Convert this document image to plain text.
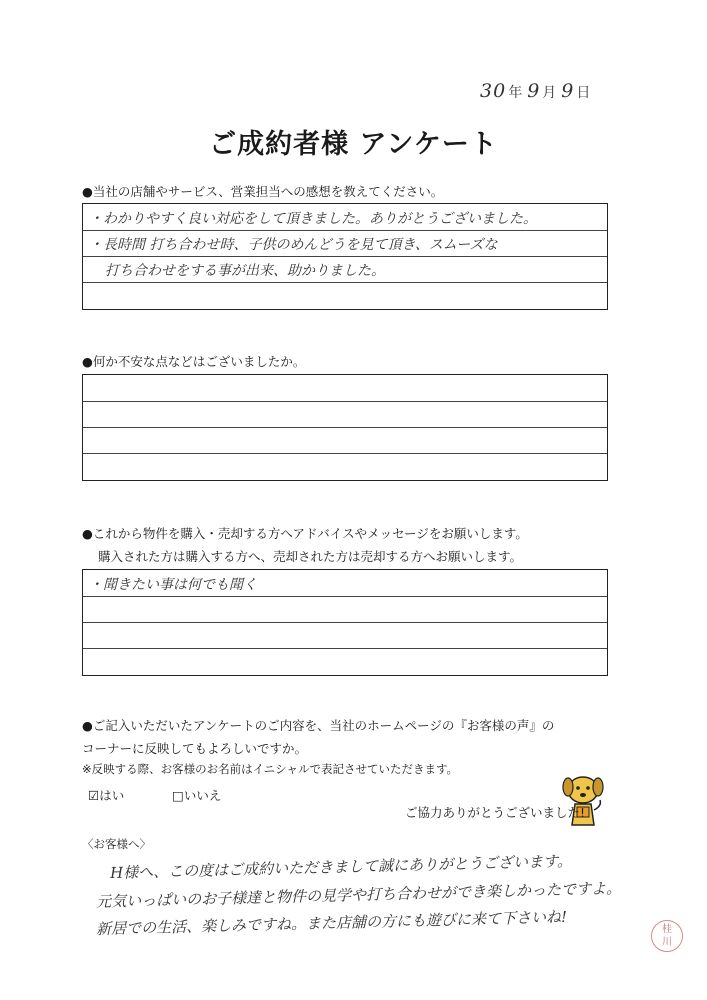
30 年 9 月 9 日
ご成約者様 アンケート
●当社の店舗やサービス、営業担当への感想を教えてください。
・わかりやすく良い対応をして頂きました。ありがとうございました。
・長時間 打ち合わせ時、子供のめんどうを見て頂き、スムーズな
打ち合わせをする事が出来、助かりました。
●何か不安な点などはございましたか。
●これから物件を購入・売却する方へアドバイスやメッセージをお願いします。
購入された方は購入する方へ、売却された方は売却する方へお願いします。
・聞きたい事は何でも聞く
●ご記入いただいたアンケートのご内容を、当社のホームページの『お客様の声』の
コーナーに反映してもよろしいですか。
※反映する際、お客様のお名前はイニシャルで表記させていただきます。
☑はい	□いいえ
ご協力ありがとうございました!
〈お客様へ〉
H様へ、この度はご成約いただきまして誠にありがとうございます。
元気いっぱいのお子様達と物件の見学や打ち合わせができ楽しかったですよ。
新居での生活、楽しみですね。また店舗の方にも遊びに来て下さいね!	桂
川
